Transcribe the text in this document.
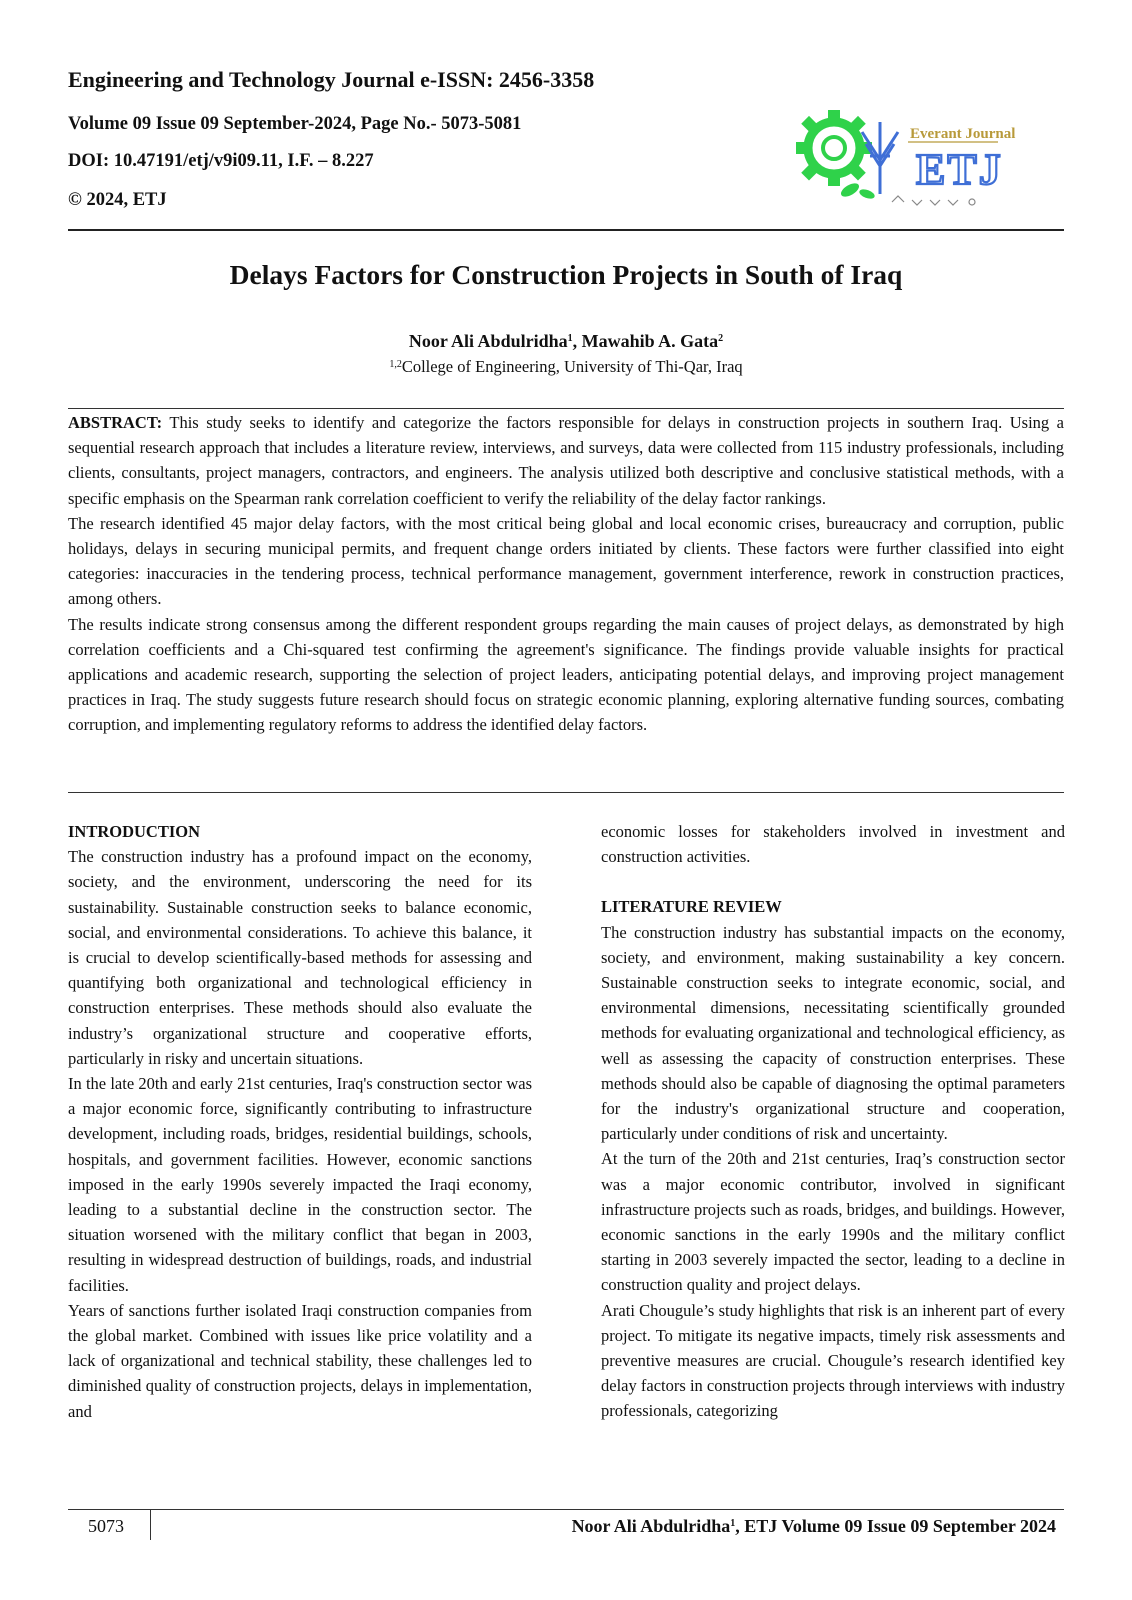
Engineering and Technology Journal e-ISSN: 2456-3358
Volume 09 Issue 09 September-2024, Page No.- 5073-5081
DOI: 10.47191/etj/v9i09.11, I.F. – 8.227
© 2024, ETJ
Everant Journal
ETJ
Delays Factors for Construction Projects in South of Iraq
Noor Ali Abdulridha$^1$, Mawahib A. Gata$^2$
$^{1,2}$College of Engineering, University of Thi-Qar, Iraq

ABSTRACT: This study seeks to identify and categorize the factors responsible for delays in construction projects in southern Iraq. Using a sequential research approach that includes a literature review, interviews, and surveys, data were collected from 115 industry professionals, including clients, consultants, project managers, contractors, and engineers. The analysis utilized both descriptive and conclusive statistical methods, with a specific emphasis on the Spearman rank correlation coefficient to verify the reliability of the delay factor rankings.

The research identified 45 major delay factors, with the most critical being global and local economic crises, bureaucracy and corruption, public holidays, delays in securing municipal permits, and frequent change orders initiated by clients. These factors were further classified into eight categories: inaccuracies in the tendering process, technical performance management, government interference, rework in construction practices, among others.

The results indicate strong consensus among the different respondent groups regarding the main causes of project delays, as demonstrated by high correlation coefficients and a Chi-squared test confirming the agreement's significance. The findings provide valuable insights for practical applications and academic research, supporting the selection of project leaders, anticipating potential delays, and improving project management practices in Iraq. The study suggests future research should focus on strategic economic planning, exploring alternative funding sources, combating corruption, and implementing regulatory reforms to address the identified delay factors.

INTRODUCTION

The construction industry has a profound impact on the economy, society, and the environment, underscoring the need for its sustainability. Sustainable construction seeks to balance economic, social, and environmental considerations. To achieve this balance, it is crucial to develop scientifically-based methods for assessing and quantifying both organizational and technological efficiency in construction enterprises. These methods should also evaluate the industry’s organizational structure and cooperative efforts, particularly in risky and uncertain situations.

In the late 20th and early 21st centuries, Iraq's construction sector was a major economic force, significantly contributing to infrastructure development, including roads, bridges, residential buildings, schools, hospitals, and government facilities. However, economic sanctions imposed in the early 1990s severely impacted the Iraqi economy, leading to a substantial decline in the construction sector. The situation worsened with the military conflict that began in 2003, resulting in widespread destruction of buildings, roads, and industrial facilities.

Years of sanctions further isolated Iraqi construction companies from the global market. Combined with issues like price volatility and a lack of organizational and technical stability, these challenges led to diminished quality of construction projects, delays in implementation, and

economic losses for stakeholders involved in investment and construction activities.

LITERATURE REVIEW

The construction industry has substantial impacts on the economy, society, and environment, making sustainability a key concern. Sustainable construction seeks to integrate economic, social, and environmental dimensions, necessitating scientifically grounded methods for evaluating organizational and technological efficiency, as well as assessing the capacity of construction enterprises. These methods should also be capable of diagnosing the optimal parameters for the industry's organizational structure and cooperation, particularly under conditions of risk and uncertainty.

At the turn of the 20th and 21st centuries, Iraq’s construction sector was a major economic contributor, involved in significant infrastructure projects such as roads, bridges, and buildings. However, economic sanctions in the early 1990s and the military conflict starting in 2003 severely impacted the sector, leading to a decline in construction quality and project delays.

Arati Chougule’s study highlights that risk is an inherent part of every project. To mitigate its negative impacts, timely risk assessments and preventive measures are crucial. Chougule’s research identified key delay factors in construction projects through interviews with industry professionals, categorizing

5073	Noor Ali Abdulridha$^1$, ETJ Volume 09 Issue 09 September 2024
